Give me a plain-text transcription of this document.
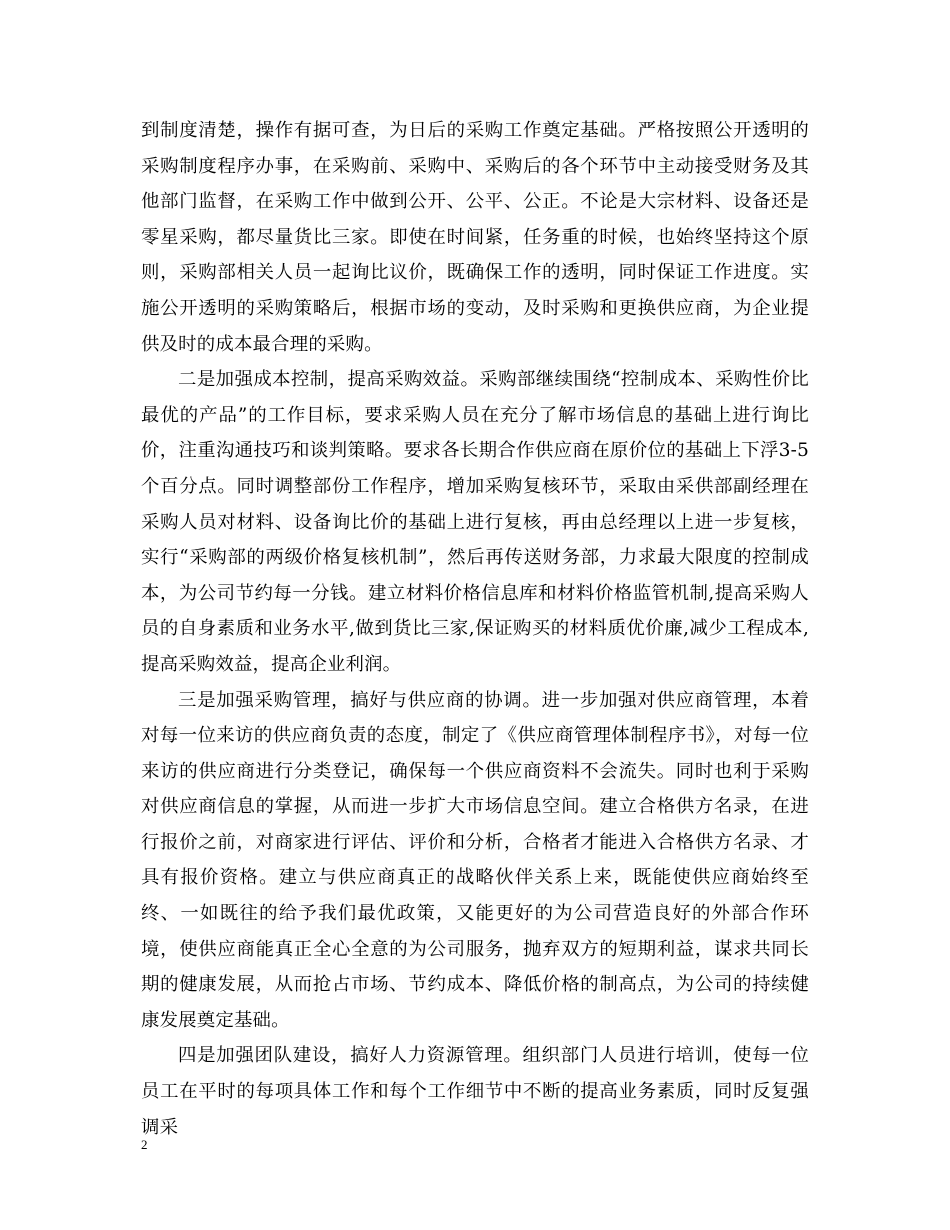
到制度清楚，操作有据可查，为日后的采购工作奠定基础。严格按照公开透明的采购制度程序办事，在采购前、采购中、采购后的各个环节中主动接受财务及其他部门监督，在采购工作中做到公开、公平、公正。不论是大宗材料、设备还是零星采购，都尽量货比三家。即使在时间紧，任务重的时候，也始终坚持这个原则，采购部相关人员一起询比议价，既确保工作的透明，同时保证工作进度。实施公开透明的采购策略后，根据市场的变动，及时采购和更换供应商，为企业提供及时的成本最合理的采购。

二是加强成本控制，提高采购效益。采购部继续围绕“控制成本、采购性价比最优的产品”的工作目标，要求采购人员在充分了解市场信息的基础上进行询比价，注重沟通技巧和谈判策略。要求各长期合作供应商在原价位的基础上下浮3-5个百分点。同时调整部份工作程序，增加采购复核环节，采取由采供部副经理在采购人员对材料、设备询比价的基础上进行复核，再由总经理以上进一步复核，实行“采购部的两级价格复核机制”，然后再传送财务部，力求最大限度的控制成本，为公司节约每一分钱。建立材料价格信息库和材料价格监管机制,提高采购人员的自身素质和业务水平,做到货比三家,保证购买的材料质优价廉,减少工程成本,提高采购效益，提高企业利润。

三是加强采购管理，搞好与供应商的协调。进一步加强对供应商管理，本着对每一位来访的供应商负责的态度，制定了《供应商管理体制程序书》，对每一位来访的供应商进行分类登记，确保每一个供应商资料不会流失。同时也利于采购对供应商信息的掌握，从而进一步扩大市场信息空间。建立合格供方名录，在进行报价之前，对商家进行评估、评价和分析，合格者才能进入合格供方名录、才具有报价资格。建立与供应商真正的战略伙伴关系上来，既能使供应商始终至终、一如既往的给予我们最优政策，又能更好的为公司营造良好的外部合作环境，使供应商能真正全心全意的为公司服务，抛弃双方的短期利益，谋求共同长期的健康发展，从而抢占市场、节约成本、降低价格的制高点，为公司的持续健康发展奠定基础。

四是加强团队建设，搞好人力资源管理。组织部门人员进行培训，使每一位员工在平时的每项具体工作和每个工作细节中不断的提高业务素质，同时反复强调采

2
